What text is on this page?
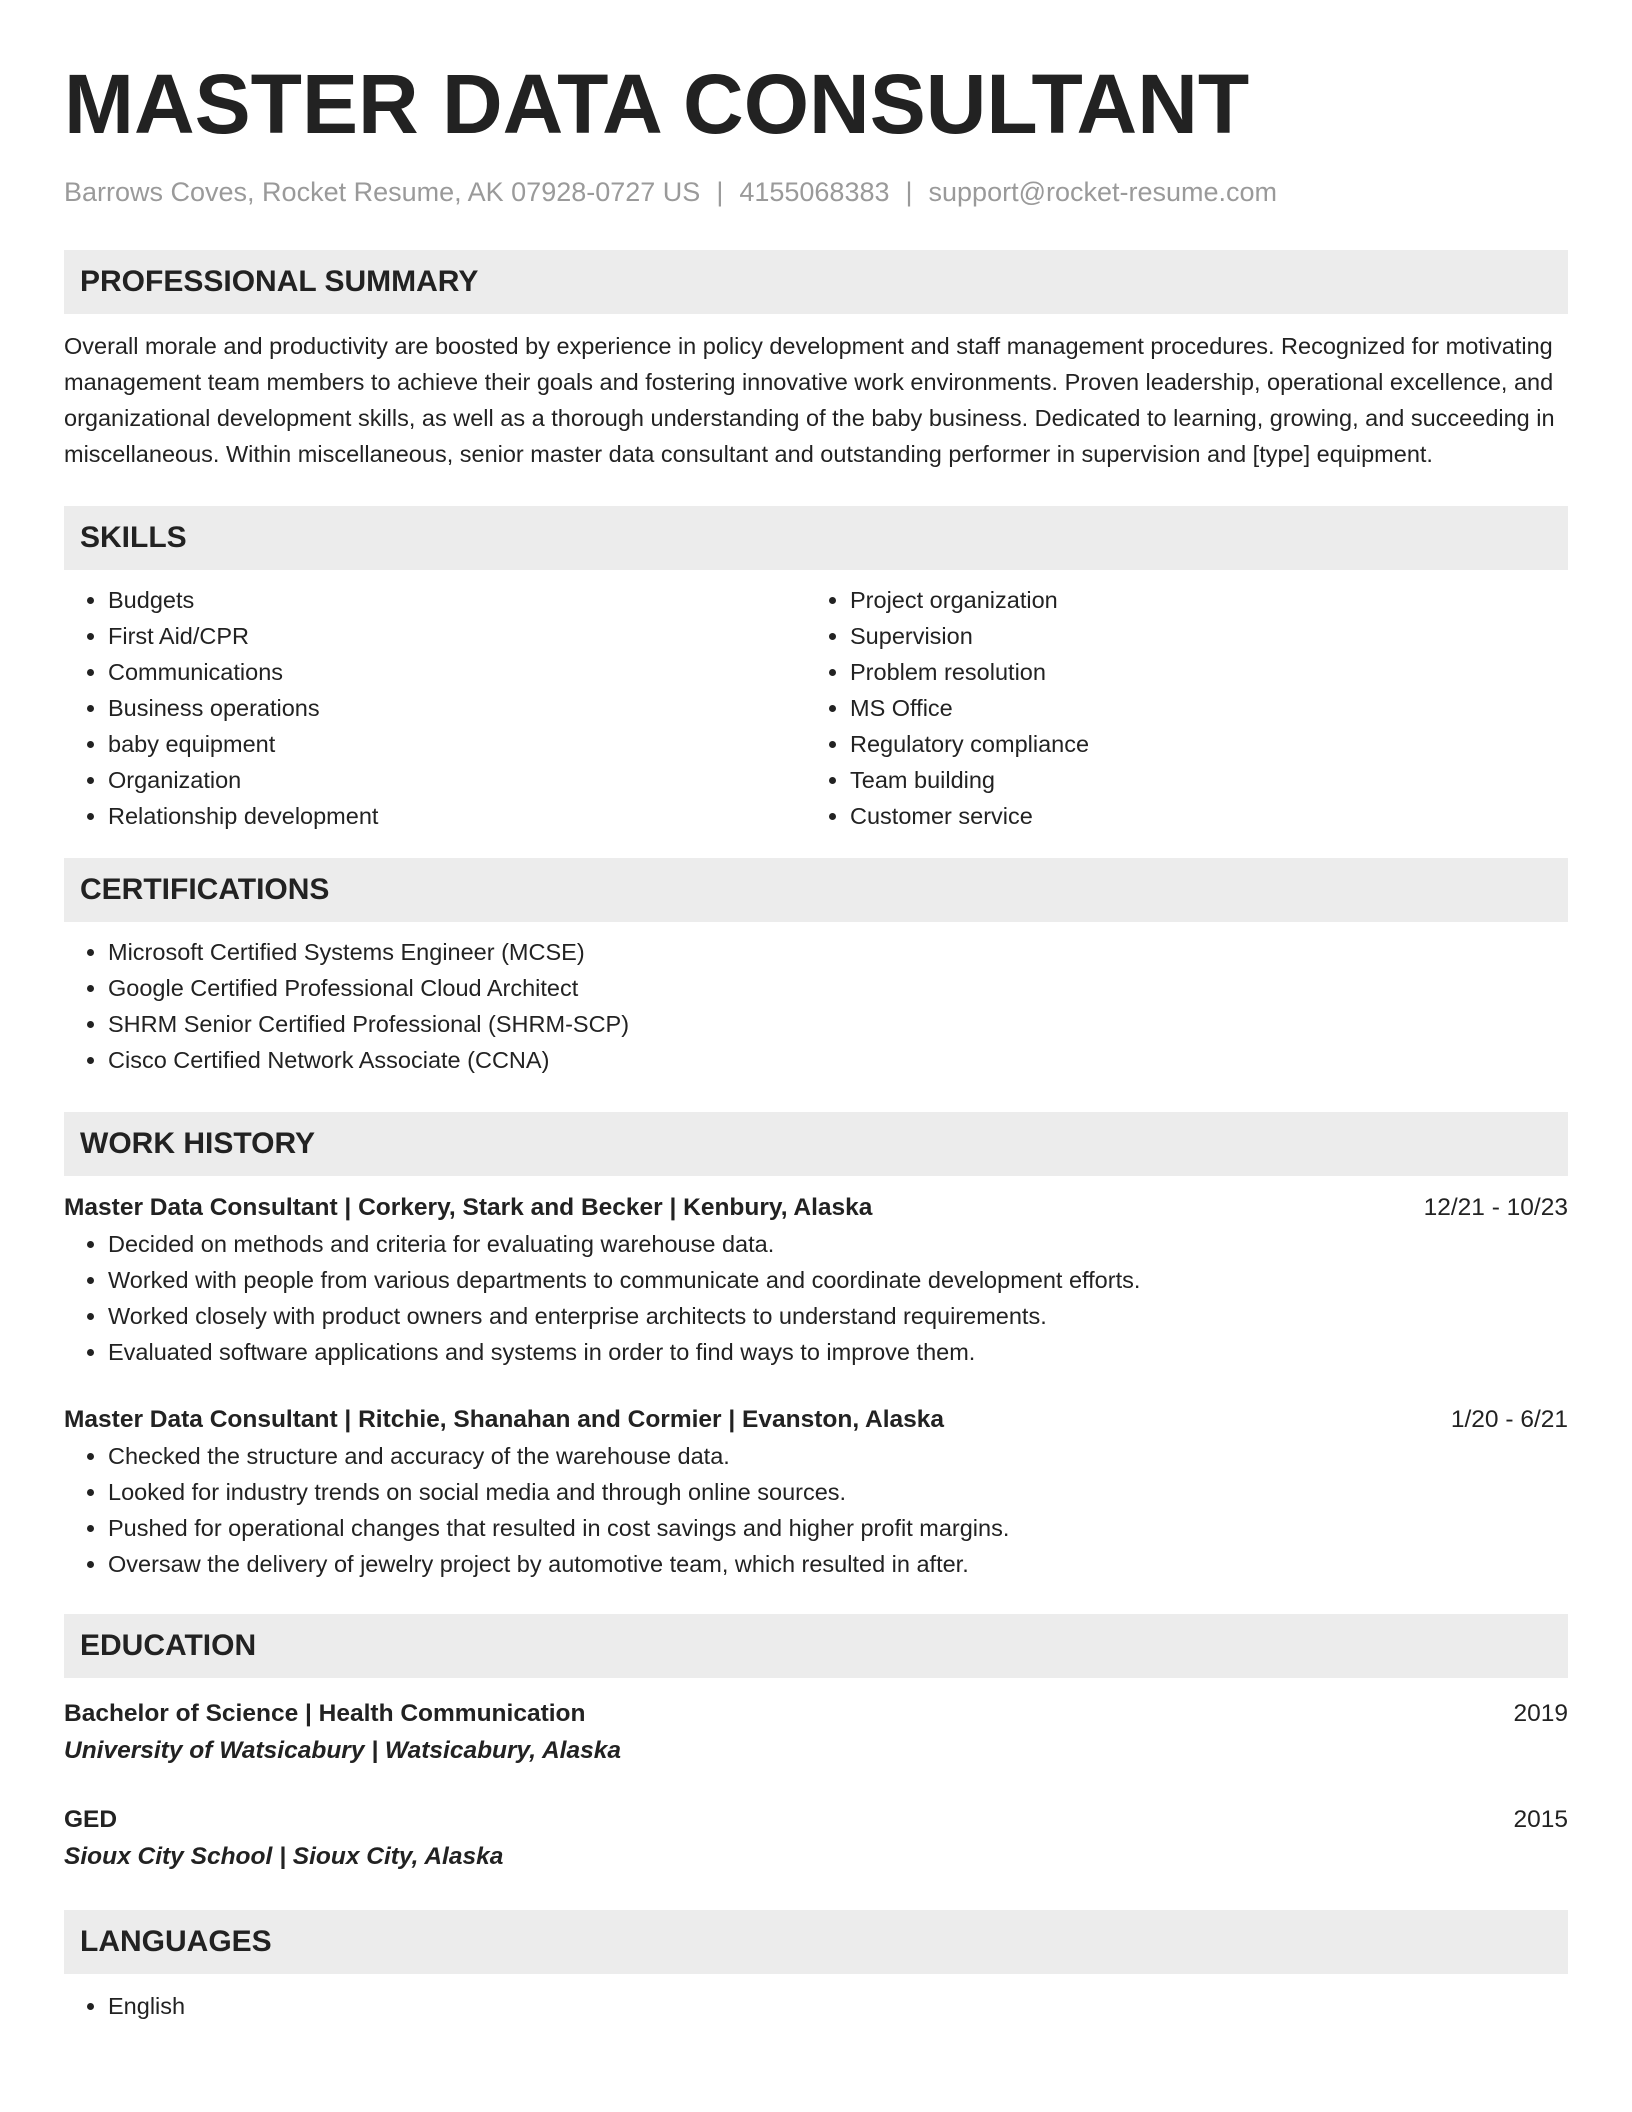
MASTER DATA CONSULTANT
Barrows Coves, Rocket Resume, AK 07928-0727 US | 4155068383 | support@rocket-resume.com
PROFESSIONAL SUMMARY

Overall morale and productivity are boosted by experience in policy development and staff management procedures. Recognized for motivating management team members to achieve their goals and fostering innovative work environments. Proven leadership, operational excellence, and organizational development skills, as well as a thorough understanding of the baby business. Dedicated to learning, growing, and succeeding in miscellaneous. Within miscellaneous, senior master data consultant and outstanding performer in supervision and [type] equipment.

SKILLS
• Budgets
• First Aid/CPR
• Communications
• Business operations
• baby equipment
• Organization
• Relationship development
• Project organization
• Supervision
• Problem resolution
• MS Office
• Regulatory compliance
• Team building
• Customer service
CERTIFICATIONS
• Microsoft Certified Systems Engineer (MCSE)
• Google Certified Professional Cloud Architect
• SHRM Senior Certified Professional (SHRM-SCP)
• Cisco Certified Network Associate (CCNA)
WORK HISTORY
Master Data Consultant | Corkery, Stark and Becker | Kenbury, Alaska	12/21 - 10/23
• Decided on methods and criteria for evaluating warehouse data.
• Worked with people from various departments to communicate and coordinate development efforts.
• Worked closely with product owners and enterprise architects to understand requirements.
• Evaluated software applications and systems in order to find ways to improve them.
Master Data Consultant | Ritchie, Shanahan and Cormier | Evanston, Alaska	1/20 - 6/21
• Checked the structure and accuracy of the warehouse data.
• Looked for industry trends on social media and through online sources.
• Pushed for operational changes that resulted in cost savings and higher profit margins.
• Oversaw the delivery of jewelry project by automotive team, which resulted in after.
EDUCATION
Bachelor of Science | Health Communication	2019
University of Watsicabury | Watsicabury, Alaska
GED	2015
Sioux City School | Sioux City, Alaska
LANGUAGES
• English
